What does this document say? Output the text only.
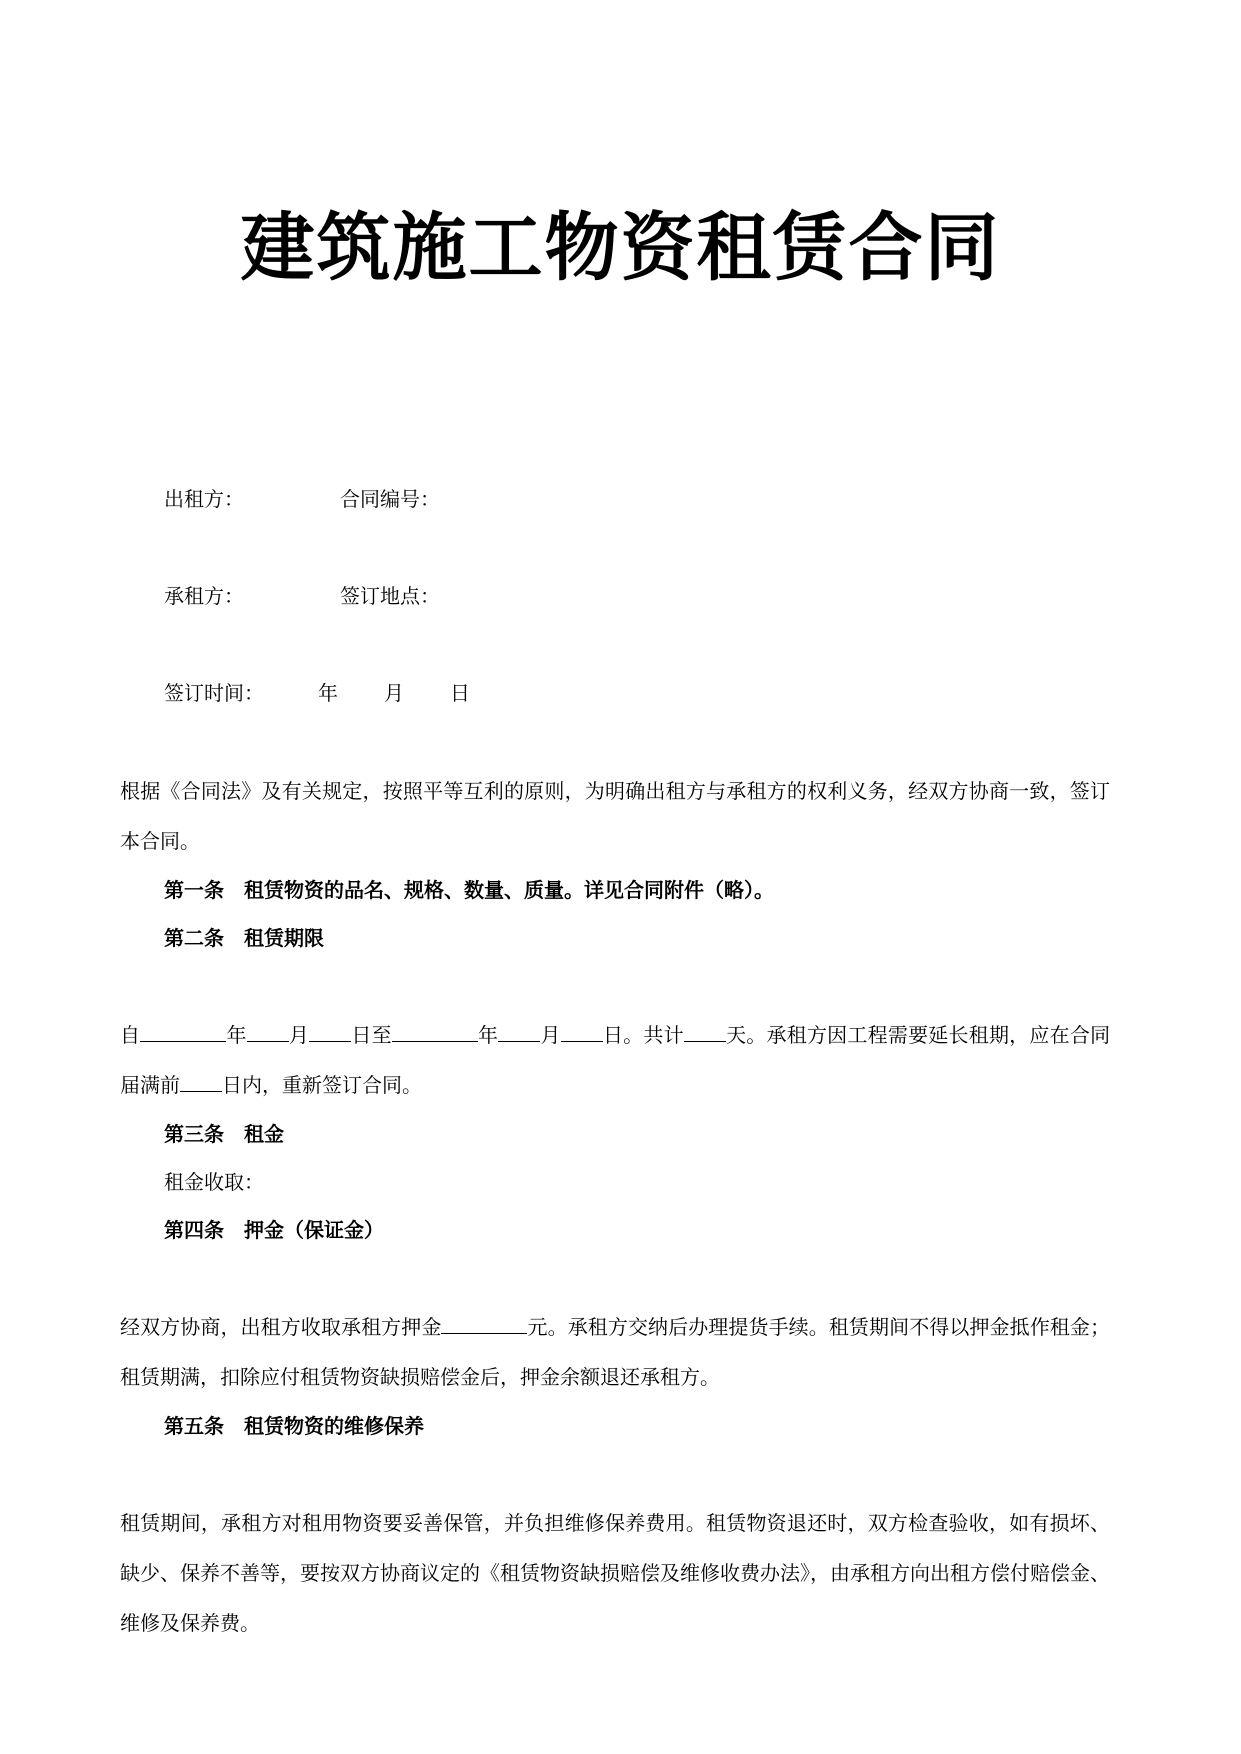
建筑施工物资租赁合同
出租方：	合同编号：
承租方：	签订地点：
签订时间：	年 月 日
根据《合同法》及有关规定，按照平等互利的原则，为明确出租方与承租方的权利义务，经双方协商一致，签订本合同。
第一条　租赁物资的品名、规格、数量、质量。详见合同附件（略）。
第二条　租赁期限
自	年 月 日至	年 月 日。共计 天。承租方因工程需要延长租期，应在合同届满前 日内，重新签订合同。
第三条　租金
租金收取：
第四条　押金（保证金）
经双方协商，出租方收取承租方押金	元。承租方交纳后办理提货手续。租赁期间不得以押金抵作租金；租赁期满，扣除应付租赁物资缺损赔偿金后，押金余额退还承租方。
第五条　租赁物资的维修保养
租赁期间，承租方对租用物资要妥善保管，并负担维修保养费用。租赁物资退还时，双方检查验收，如有损坏、缺少、保养不善等，要按双方协商议定的《租赁物资缺损赔偿及维修收费办法》，由承租方向出租方偿付赔偿金、维修及保养费。
